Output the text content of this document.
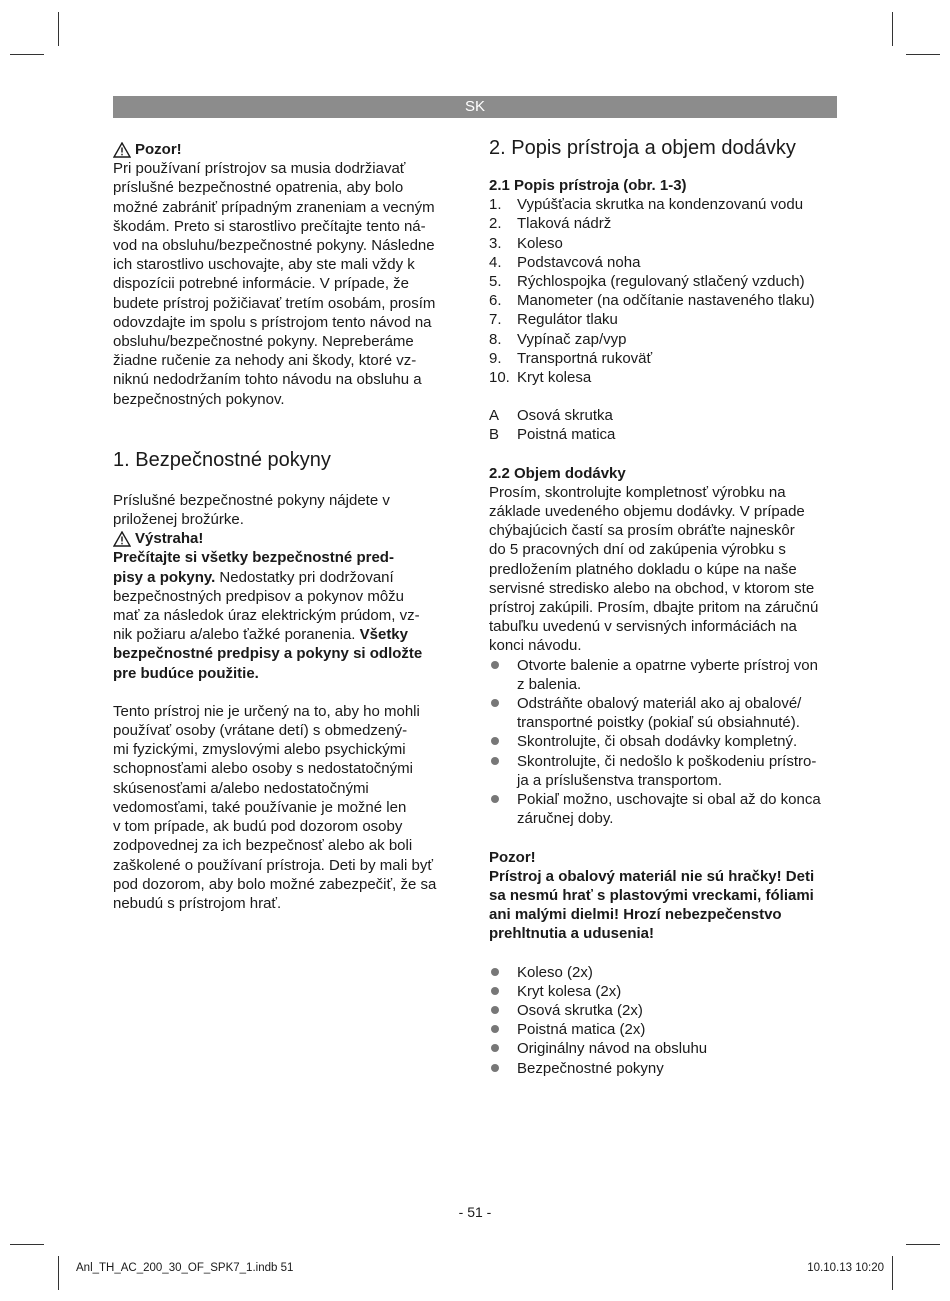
SK
Pozor!

Pri používaní prístrojov sa musia dodržiavať

príslušné bezpečnostné opatrenia, aby bolo

možné zabrániť prípadným zraneniam a vecným

škodám. Preto si starostlivo prečítajte tento ná-

vod na obsluhu/bezpečnostné pokyny. Následne

ich starostlivo uschovajte, aby ste mali vždy k

dispozícii potrebné informácie. V prípade, že

budete prístroj požičiavať tretím osobám, prosím

odovzdajte im spolu s prístrojom tento návod na

obsluhu/bezpečnostné pokyny. Nepreberáme

žiadne ručenie za nehody ani škody, ktoré vz-

niknú nedodržaním tohto návodu na obsluhu a

bezpečnostných pokynov.

1. Bezpečnostné pokyny

Príslušné bezpečnostné pokyny nájdete v

priloženej brožúrke.

Výstraha!

Prečítajte si všetky bezpečnostné pred-

pisy a pokyny. Nedostatky pri dodržovaní

bezpečnostných predpisov a pokynov môžu

mať za následok úraz elektrickým prúdom, vz-

nik požiaru a/alebo ťažké poranenia. Všetky

bezpečnostné predpisy a pokyny si odložte

pre budúce použitie.

Tento prístroj nie je určený na to, aby ho mohli

používať osoby (vrátane detí) s obmedzený-

mi fyzickými, zmyslovými alebo psychickými

schopnosťami alebo osoby s nedostatočnými

skúsenosťami a/alebo nedostatočnými

vedomosťami, také používanie je možné len

v tom prípade, ak budú pod dozorom osoby

zodpovednej za ich bezpečnosť alebo ak boli

zaškolené o používaní prístroja. Deti by mali byť

pod dozorom, aby bolo možné zabezpečiť, že sa

nebudú s prístrojom hrať.

2. Popis prístroja a objem dodávky

2.1 Popis prístroja (obr. 1-3)

1.	Vypúšťacia skrutka na kondenzovanú vodu
2.	Tlaková nádrž
3.	Koleso
4.	Podstavcová noha
5.	Rýchlospojka (regulovaný stlačený vzduch)
6.	Manometer (na odčítanie nastaveného tlaku)
7.	Regulátor tlaku
8.	Vypínač zap/vyp
9.	Transportná rukoväť
10. Kryt kolesa
A	Osová skrutka
B	Poistná matica

2.2 Objem dodávky

Prosím, skontrolujte kompletnosť výrobku na

základe uvedeného objemu dodávky. V prípade

chýbajúcich častí sa prosím obráťte najneskôr

do 5 pracovných dní od zakúpenia výrobku s

predložením platného dokladu o kúpe na naše

servisné stredisko alebo na obchod, v ktorom ste

prístroj zakúpili. Prosím, dbajte pritom na záručnú

tabuľku uvedenú v servisných informáciách na

konci návodu.

Otvorte balenie a opatrne vyberte prístroj von

z balenia.

Odstráňte obalový materiál ako aj obalové/

transportné poistky (pokiaľ sú obsiahnuté).

Skontrolujte, či obsah dodávky kompletný.

Skontrolujte, či nedošlo k poškodeniu prístro-

ja a príslušenstva transportom.

Pokiaľ možno, uschovajte si obal až do konca

záručnej doby.

Pozor!

Prístroj a obalový materiál nie sú hračky! Deti

sa nesmú hrať s plastovými vreckami, fóliami

ani malými dielmi! Hrozí nebezpečenstvo

prehltnutia a udusenia!

Koleso (2x)
Kryt kolesa (2x)
Osová skrutka (2x)
Poistná matica (2x)
Originálny návod na obsluhu
Bezpečnostné pokyny
- 51 -
Anl_TH_AC_200_30_OF_SPK7_1.indb 51	10.10.13 10:20
